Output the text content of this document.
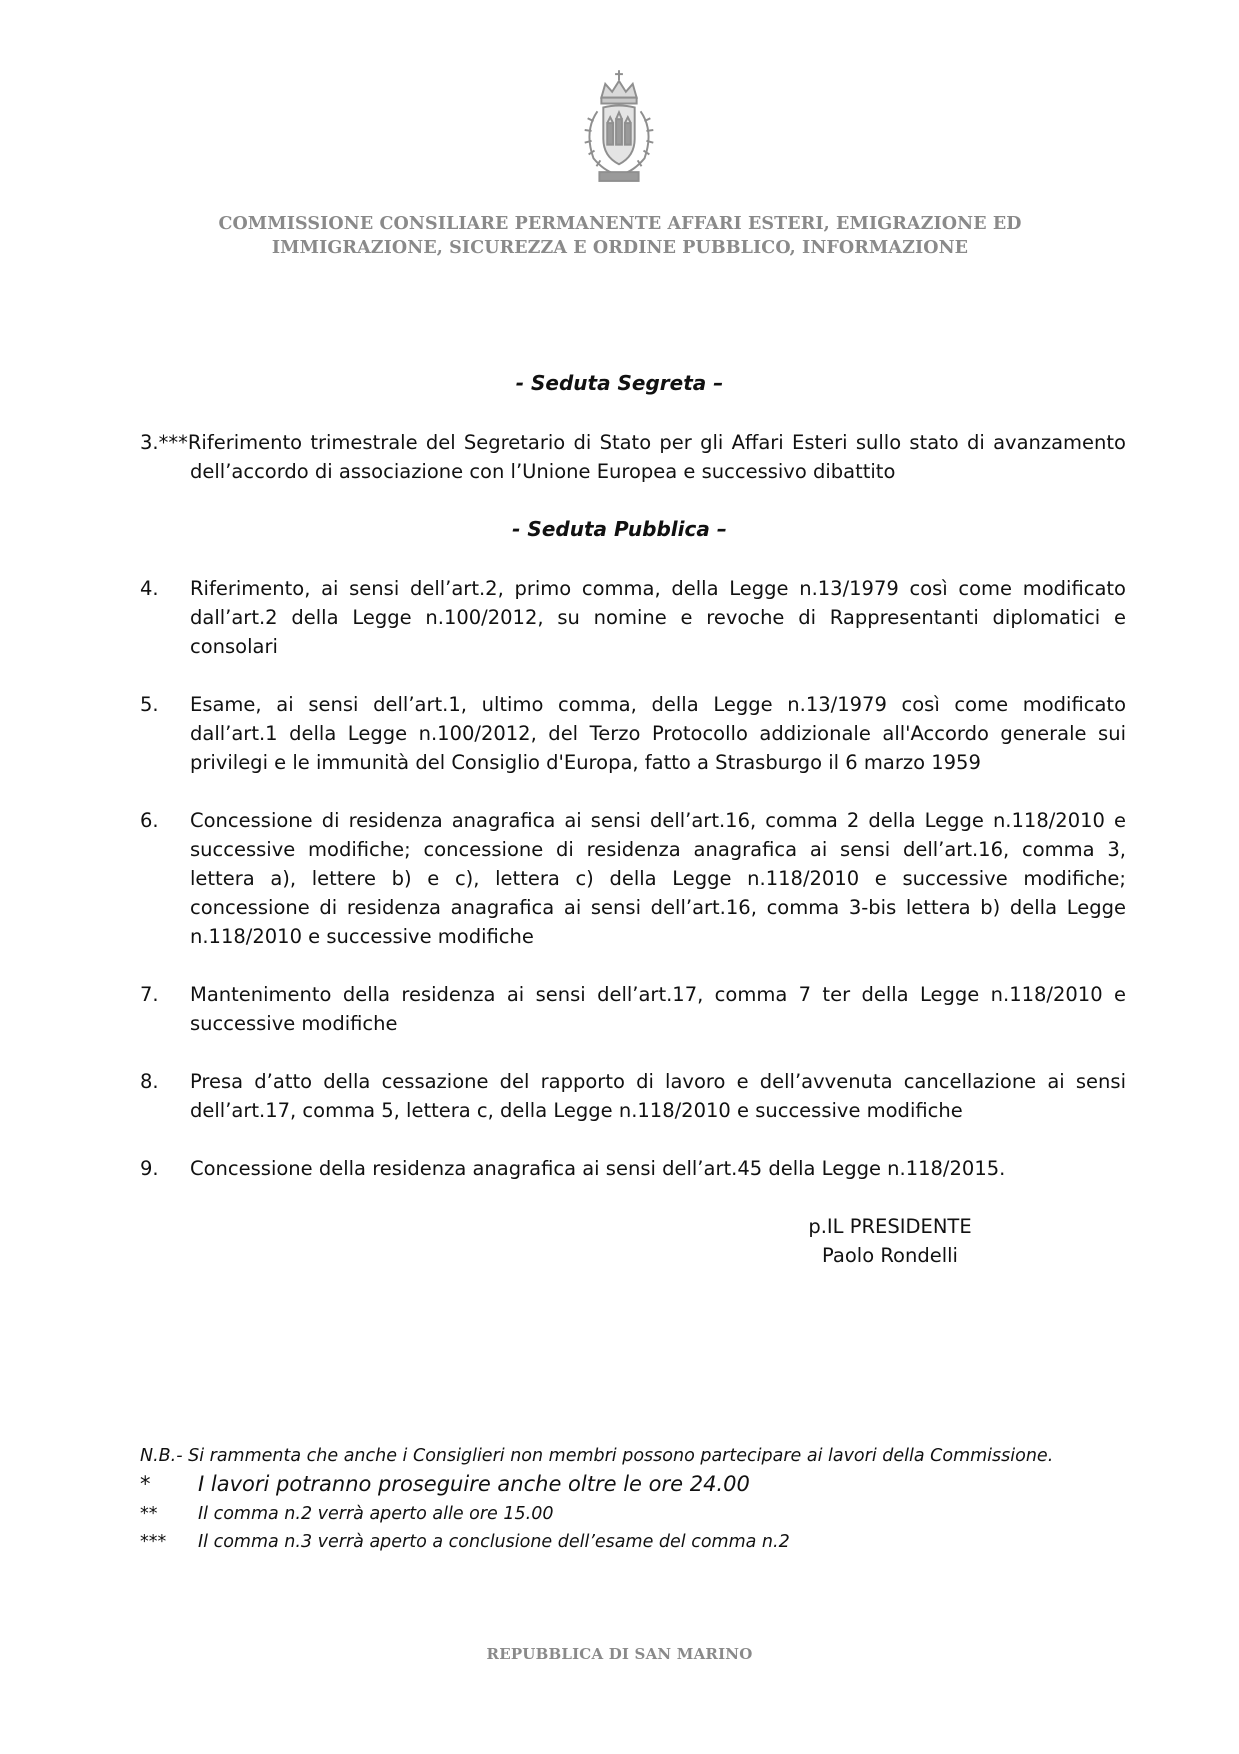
COMMISSIONE CONSILIARE PERMANENTE AFFARI ESTERI, EMIGRAZIONE ED
IMMIGRAZIONE, SICUREZZA E ORDINE PUBBLICO, INFORMAZIONE
- Seduta Segreta –
3.***Riferimento trimestrale del Segretario di Stato per gli Affari Esteri sullo stato di avanzamento dell’accordo di associazione con l’Unione Europea e successivo dibattito
- Seduta Pubblica –
4. Riferimento, ai sensi dell’art.2, primo comma, della Legge n.13/1979 così come modificato dall’art.2 della Legge n.100/2012, su nomine e revoche di Rappresentanti diplomatici e consolari
5. Esame, ai sensi dell’art.1, ultimo comma, della Legge n.13/1979 così come modificato dall’art.1 della Legge n.100/2012, del Terzo Protocollo addizionale all'Accordo generale sui privilegi e le immunità del Consiglio d'Europa, fatto a Strasburgo il 6 marzo 1959
6. Concessione di residenza anagrafica ai sensi dell’art.16, comma 2 della Legge n.118/2010 e successive modifiche; concessione di residenza anagrafica ai sensi dell’art.16, comma 3, lettera a), lettere b) e c), lettera c) della Legge n.118/2010 e successive modifiche; concessione di residenza anagrafica ai sensi dell’art.16, comma 3-bis lettera b) della Legge n.118/2010 e successive modifiche
7. Mantenimento della residenza ai sensi dell’art.17, comma 7 ter della Legge n.118/2010 e successive modifiche
8. Presa d’atto della cessazione del rapporto di lavoro e dell’avvenuta cancellazione ai sensi dell’art.17, comma 5, lettera c, della Legge n.118/2010 e successive modifiche
9. Concessione della residenza anagrafica ai sensi dell’art.45 della Legge n.118/2015.
p.IL PRESIDENTE
Paolo Rondelli
N.B.- Si rammenta che anche i Consiglieri non membri possono partecipare ai lavori della Commissione.
* I lavori potranno proseguire anche oltre le ore 24.00
** Il comma n.2 verrà aperto alle ore 15.00
*** Il comma n.3 verrà aperto a conclusione dell’esame del comma n.2
REPUBBLICA DI SAN MARINO
